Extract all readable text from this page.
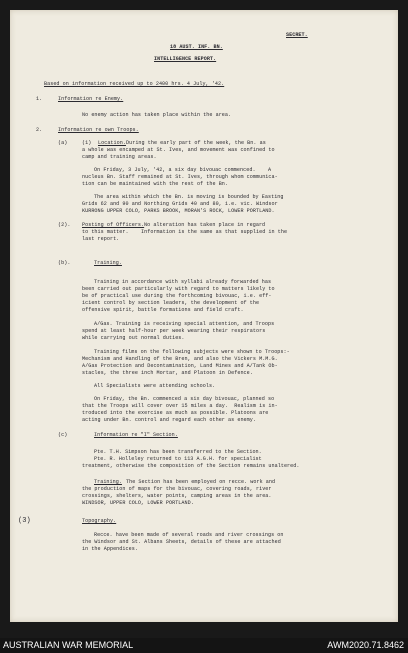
SECRET.
18 AUST. INF. BN.
INTELLIGENCE REPORT.
Based on information received up to 2400 hrs. 4 July, '42.
1.	Information re Enemy.
No enemy action has taken place within the area.
2.	Information re own Troops.
(a)	(1) Location. During the early part of the week, the Bn. as
a whole was encamped at St. Ives, and movement was confined to
camp and training areas.
On Friday, 3 July, '42, a six day bivouac commenced.    A
nucleus Bn. Staff remained at St. Ives, through whom communica-
tion can be maintained with the rest of the Bn.
The area within which the Bn. is moving is bounded by Easting
Grids 62 and 90 and Northing Grids 40 and 80, i.e. vic. Windsor
KURRONG UPPER COLO, PARKS BROOK, MORAN'S ROCK, LOWER PORTLAND.
(2). Posting of Officers. No alteration has taken place in regard
to this matter.    Information is the same as that supplied in the
last report.
(b).	Training.
Training in accordance with syllabi already forwarded has
been carried out particularly with regard to matters likely to
be of practical use during the forthcoming bivouac, i.e. eff-
icient control by section leaders, the development of the
offensive spirit, battle formations and field craft.
A/Gas. Training is receiving special attention, and Troops
spend at least half-hour per week wearing their respirators
while carrying out normal duties.
Training films on the following subjects were shown to Troops:-
Mechanism and Handling of the Bren, and also the Vickers M.M.G.
A/Gas Protection and Decontamination, Land Mines and A/Tank Ob-
stacles, the three inch Mortar, and Platoon in Defence.
All Specialists were attending schools.
On Friday, the Bn. commenced a six day bivouac, planned so
that the Troops will cover over 15 miles a day.  Realism is in-
troduced into the exercise as much as possible. Platoons are
acting under Bn. control and regard each other as enemy.
(c)	Information re "I" Section.
Pte. T.H. Simpson has been transferred to the Section.
Pte. R. Holleley returned to 113 A.G.H. for specialist
treatment, otherwise the composition of the Section remains unaltered.
Training. The Section has been employed on recce. work and
the production of maps for the bivouac, covering roads, river
crossings, shelters, water points, camping areas in the area.
WINDSOR, UPPER COLO, LOWER PORTLAND.
(3)	Topography.
Recce. have been made of several roads and river crossings on
the Windsor and St. Albans Sheets, details of these are attached
in the Appendices.
AUSTRALIAN WAR MEMORIAL	AWM2020.71.8462
